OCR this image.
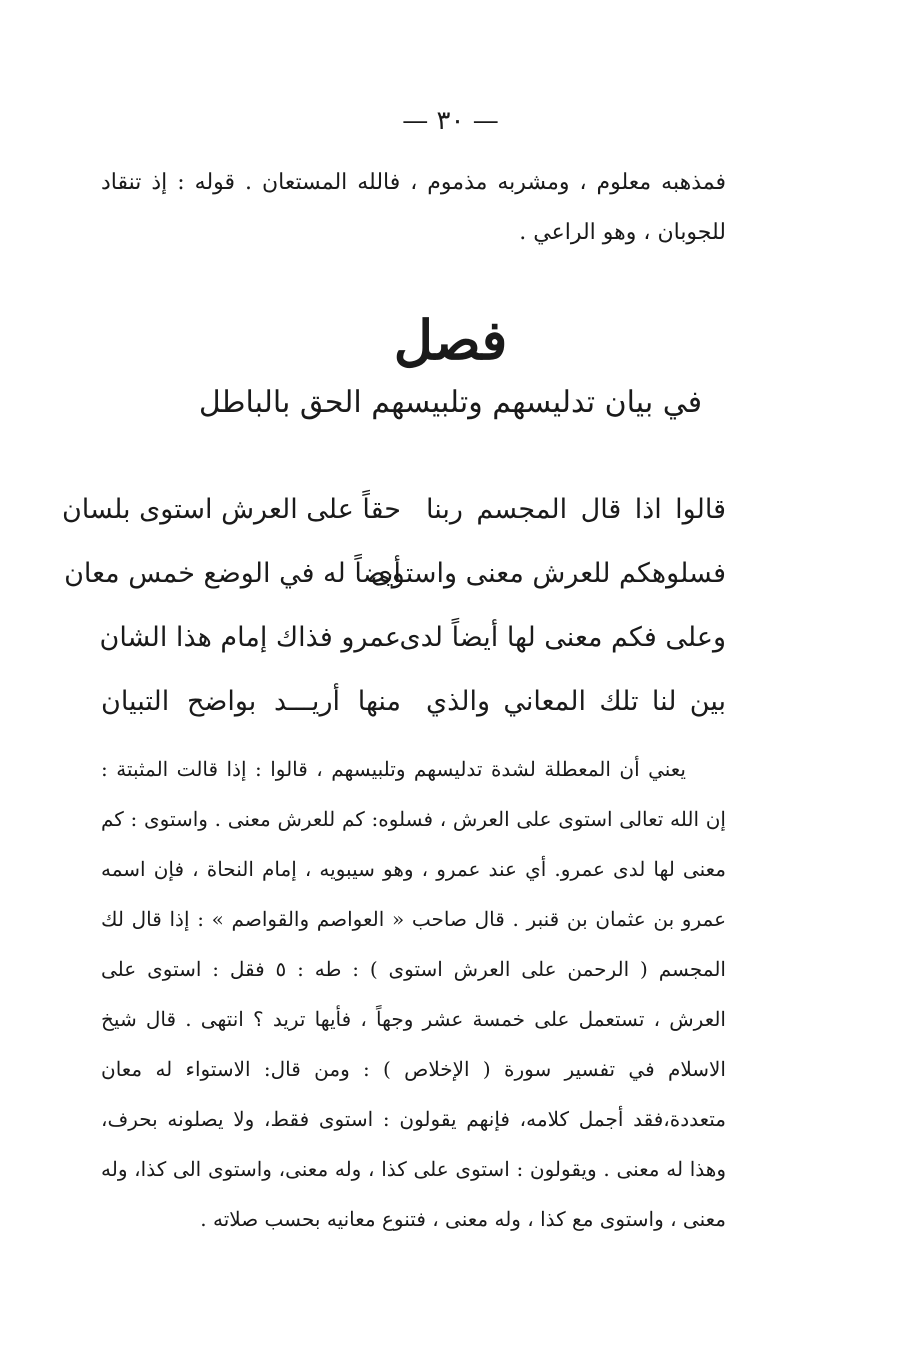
— ٣٠ —
فمذهبه معلوم ، ومشربه مذموم ، فالله المستعان . قوله : إذ تنقاد للجوبان ، وهو الراعي .
فصل
في بيان تدليسهم وتلبيسهم الحق بالباطل
قالوا اذا قال المجسم ربنا
حقاً على العرش استوى بلسان
فسلوهكم للعرش معنى واستوى
أيضاً له في الوضع خمس معان
وعلى فكم معنى لها أيضاً لدى
عمرو فذاك إمام هذا الشان
بين لنا تلك المعاني والذي
منها أريـــد بواضح التبيان

يعني أن المعطلة لشدة تدليسهم وتلبيسهم ، قالوا : إذا قالت المثبتة : إن الله تعالى استوى على العرش ، فسلوه: كم للعرش معنى . واستوى : كم معنى لها لدى عمرو. أي عند عمرو ، وهو سيبويه ، إمام النحاة ، فإن اسمه عمرو بن عثمان بن قنبر . قال صاحب « العواصم والقواصم » : إذا قال لك المجسم ( الرحمن على العرش استوى ) : طه : ٥ فقل : استوى على العرش ، تستعمل على خمسة عشر وجهاً ، فأيها تريد ؟ انتهى . قال شيخ الاسلام في تفسير سورة ( الإخلاص ) : ومن قال: الاستواء له معان متعددة،فقد أجمل كلامه، فإنهم يقولون : استوى فقط، ولا يصلونه بحرف، وهذا له معنى . ويقولون : استوى على كذا ، وله معنى، واستوى الى كذا، وله معنى ، واستوى مع كذا ، وله معنى ، فتنوع معانيه بحسب صلاته .
